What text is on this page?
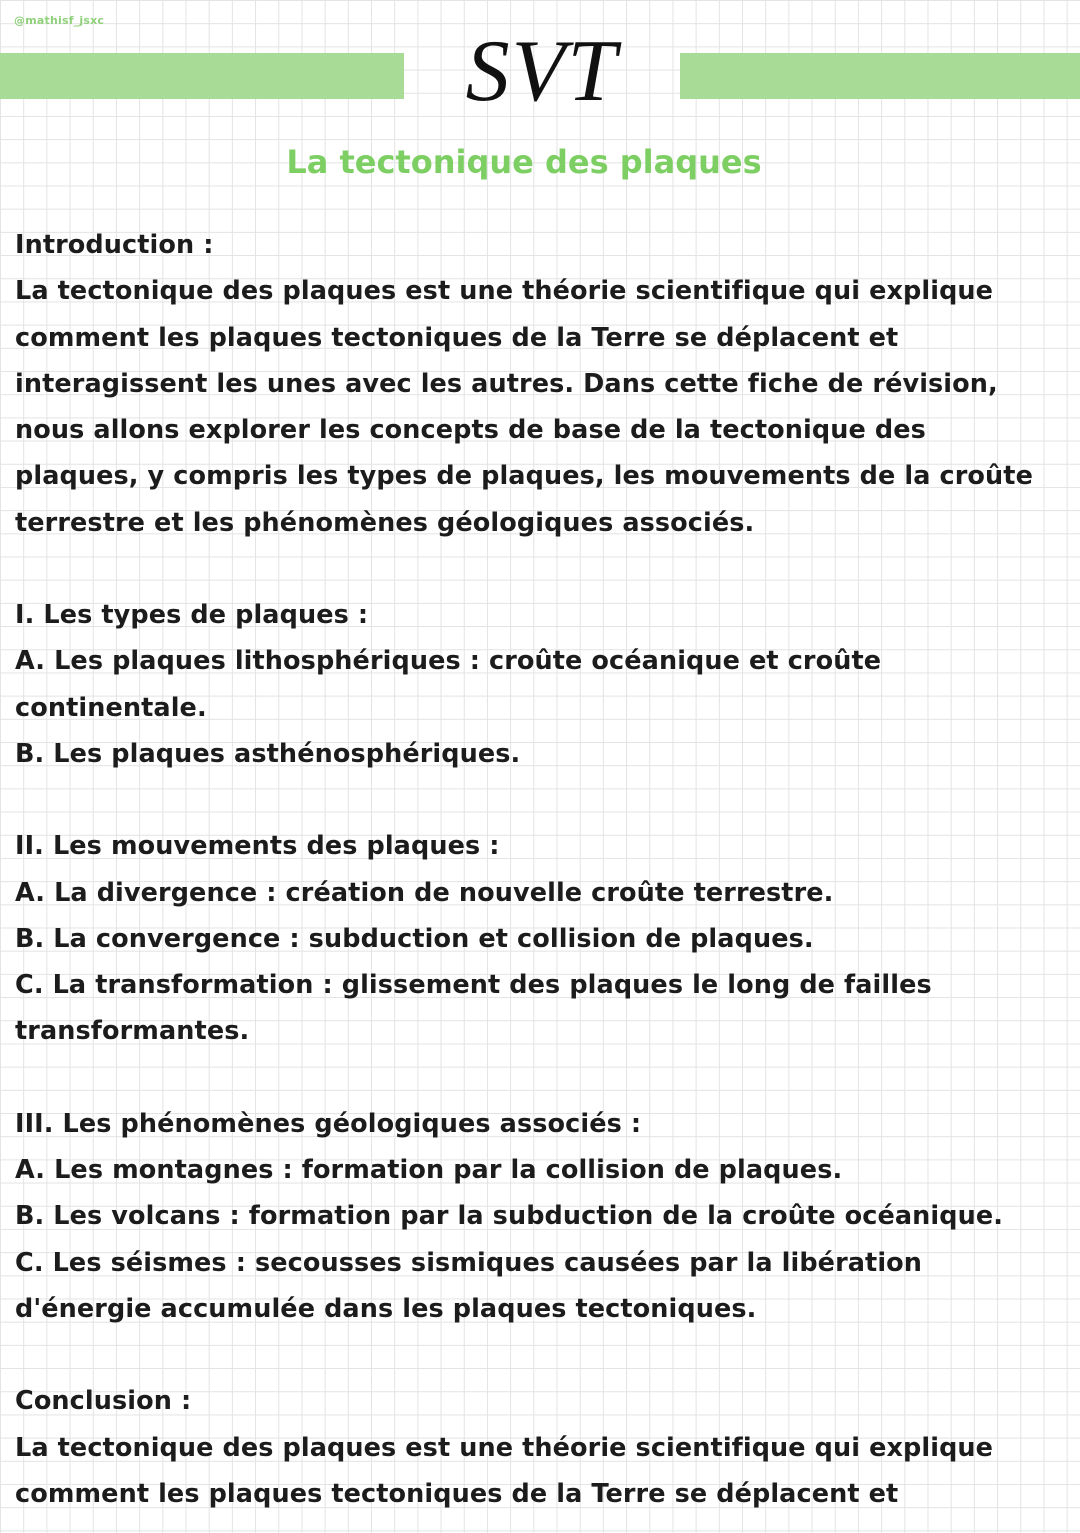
@mathisf_jsxc
SVT
La tectonique des plaques

Introduction :

La tectonique des plaques est une théorie scientifique qui explique

comment les plaques tectoniques de la Terre se déplacent et

interagissent les unes avec les autres. Dans cette fiche de révision,

nous allons explorer les concepts de base de la tectonique des

plaques, y compris les types de plaques, les mouvements de la croûte

terrestre et les phénomènes géologiques associés.

I. Les types de plaques :

A. Les plaques lithosphériques : croûte océanique et croûte

continentale.

B. Les plaques asthénosphériques.

II. Les mouvements des plaques :

A. La divergence : création de nouvelle croûte terrestre.

B. La convergence : subduction et collision de plaques.

C. La transformation : glissement des plaques le long de failles

transformantes.

III. Les phénomènes géologiques associés :

A. Les montagnes : formation par la collision de plaques.

B. Les volcans : formation par la subduction de la croûte océanique.

C. Les séismes : secousses sismiques causées par la libération

d'énergie accumulée dans les plaques tectoniques.

Conclusion :

La tectonique des plaques est une théorie scientifique qui explique

comment les plaques tectoniques de la Terre se déplacent et
